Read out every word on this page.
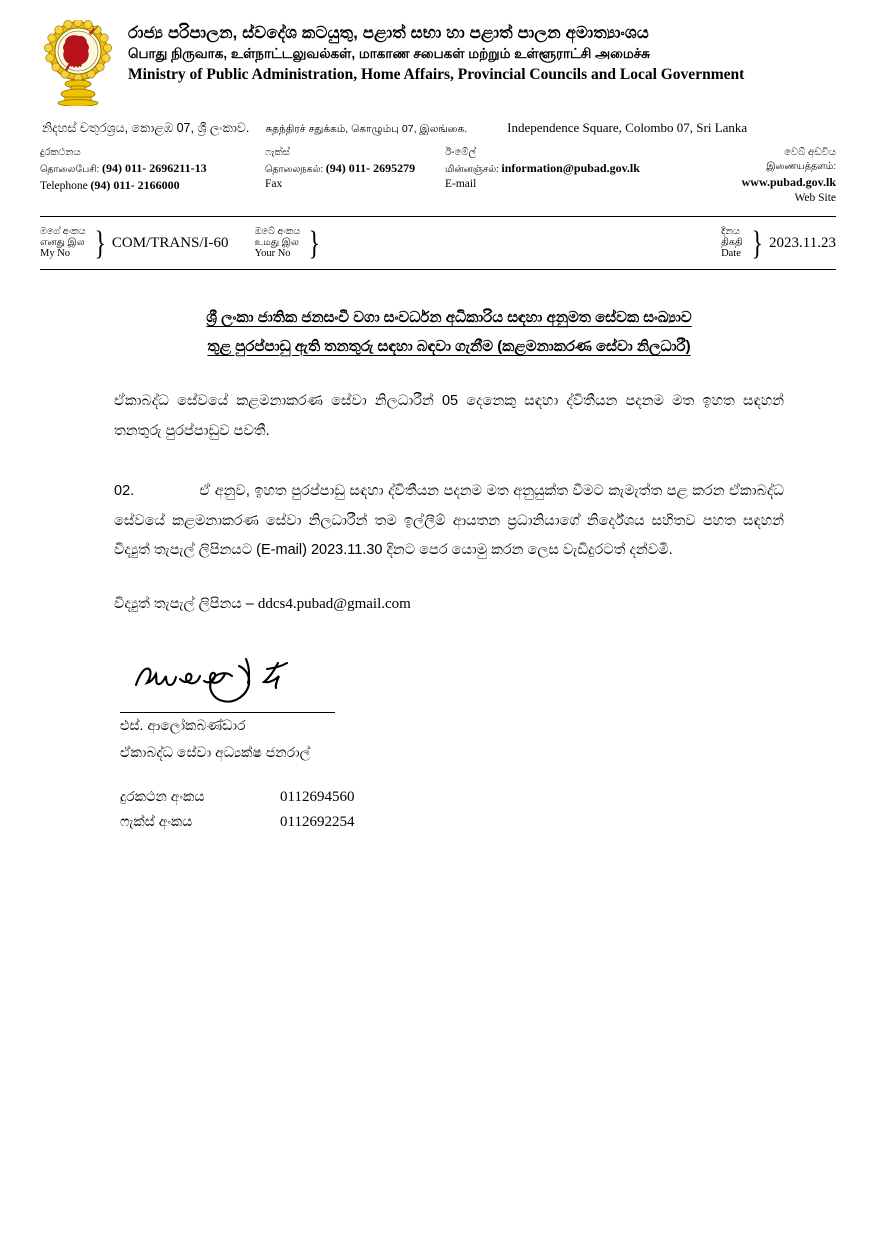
රාජ්‍ය පරිපාලන, ස්වදේශ කටයුතු, පළාත් සභා හා පළාත් පාලන අමාත්‍යාංශය
பொது நிருவாக, உள்நாட்டலுவல்கள், மாகாண சபைகள் மற்றும் உள்ளூராட்சி அமைச்சு
Ministry of Public Administration, Home Affairs, Provincial Councils and Local Government
නිදහස් චතුරශ්‍රය, කොළඹ 07, ශ්‍රී ලංකාව. சுதந்திரச் சதுக்கம், கொழும்பு 07, இலங்கை.	Independence Square, Colombo 07, Sri Lanka
දුරකථනය
தொலைபேசி: (94) 011- 2696211-13
Telephone (94) 011- 2166000
ෆැක්ස්
தொலைநகல்: (94) 011- 2695279
Fax
ඊ-මේල්
மின்னஞ்சல்: information@pubad.gov.lk
E-mail
වෙබ් අඩවිය
இணையத்தளம்: www.pubad.gov.lk
Web Site
මගේ අංකය
எனது இல
My No } COM/TRANS/I-60
ඔබේ අංකය
உமது இல
Your No }	දිනය
திகதி
Date } 2023.11.23
ශ්‍රී ලංකා ජාතික ජනසංවී වගා සංවර්ධන අධිකාරිය සඳහා අනුමත සේවක සංඛ්‍යාව
තුළ පුරප්පාඩු ඇති තනතුරු සඳහා බඳවා ගැනීම (කළමනාකරණ සේවා නිලධාරී)

ඒකාබද්ධ සේවයේ කළමනාකරණ සේවා නිලධාරීන් 05 දෙනෙකු සඳහා ද්විතීයන පදනම මත ඉහත සඳහන් තනතුරු පුරප්පාඩුව පවතී.

02.	ඒ අනුව, ඉහත පුරප්පාඩු සඳහා ද්විතීයන පදනම මත අනුයුක්ත වීමට කැමැත්ත පළ කරන ඒකාබද්ධ සේවයේ කළමනාකරණ සේවා නිලධාරීන් තම ඉල්ලීම් ආයතන ප්‍රධානියාගේ නිර්දේශය සහිතව පහත සඳහන් විද්‍යුත් තැපැල් ලිපිනයට (E-mail) 2023.11.30 දිනට පෙර යොමු කරන ලෙස වැඩිදුරටත් දන්වමි.

විද්‍යුත් තැපැල් ලිපිනය – ddcs4.pubad@gmail.com
එස්. ආලෝකබණ්ඩාර
ඒකාබද්ධ සේවා අධ්‍යක්ෂ ජනරාල්
දුරකථන අංකය	0112694560
ෆැක්ස් අංකය	0112692254
